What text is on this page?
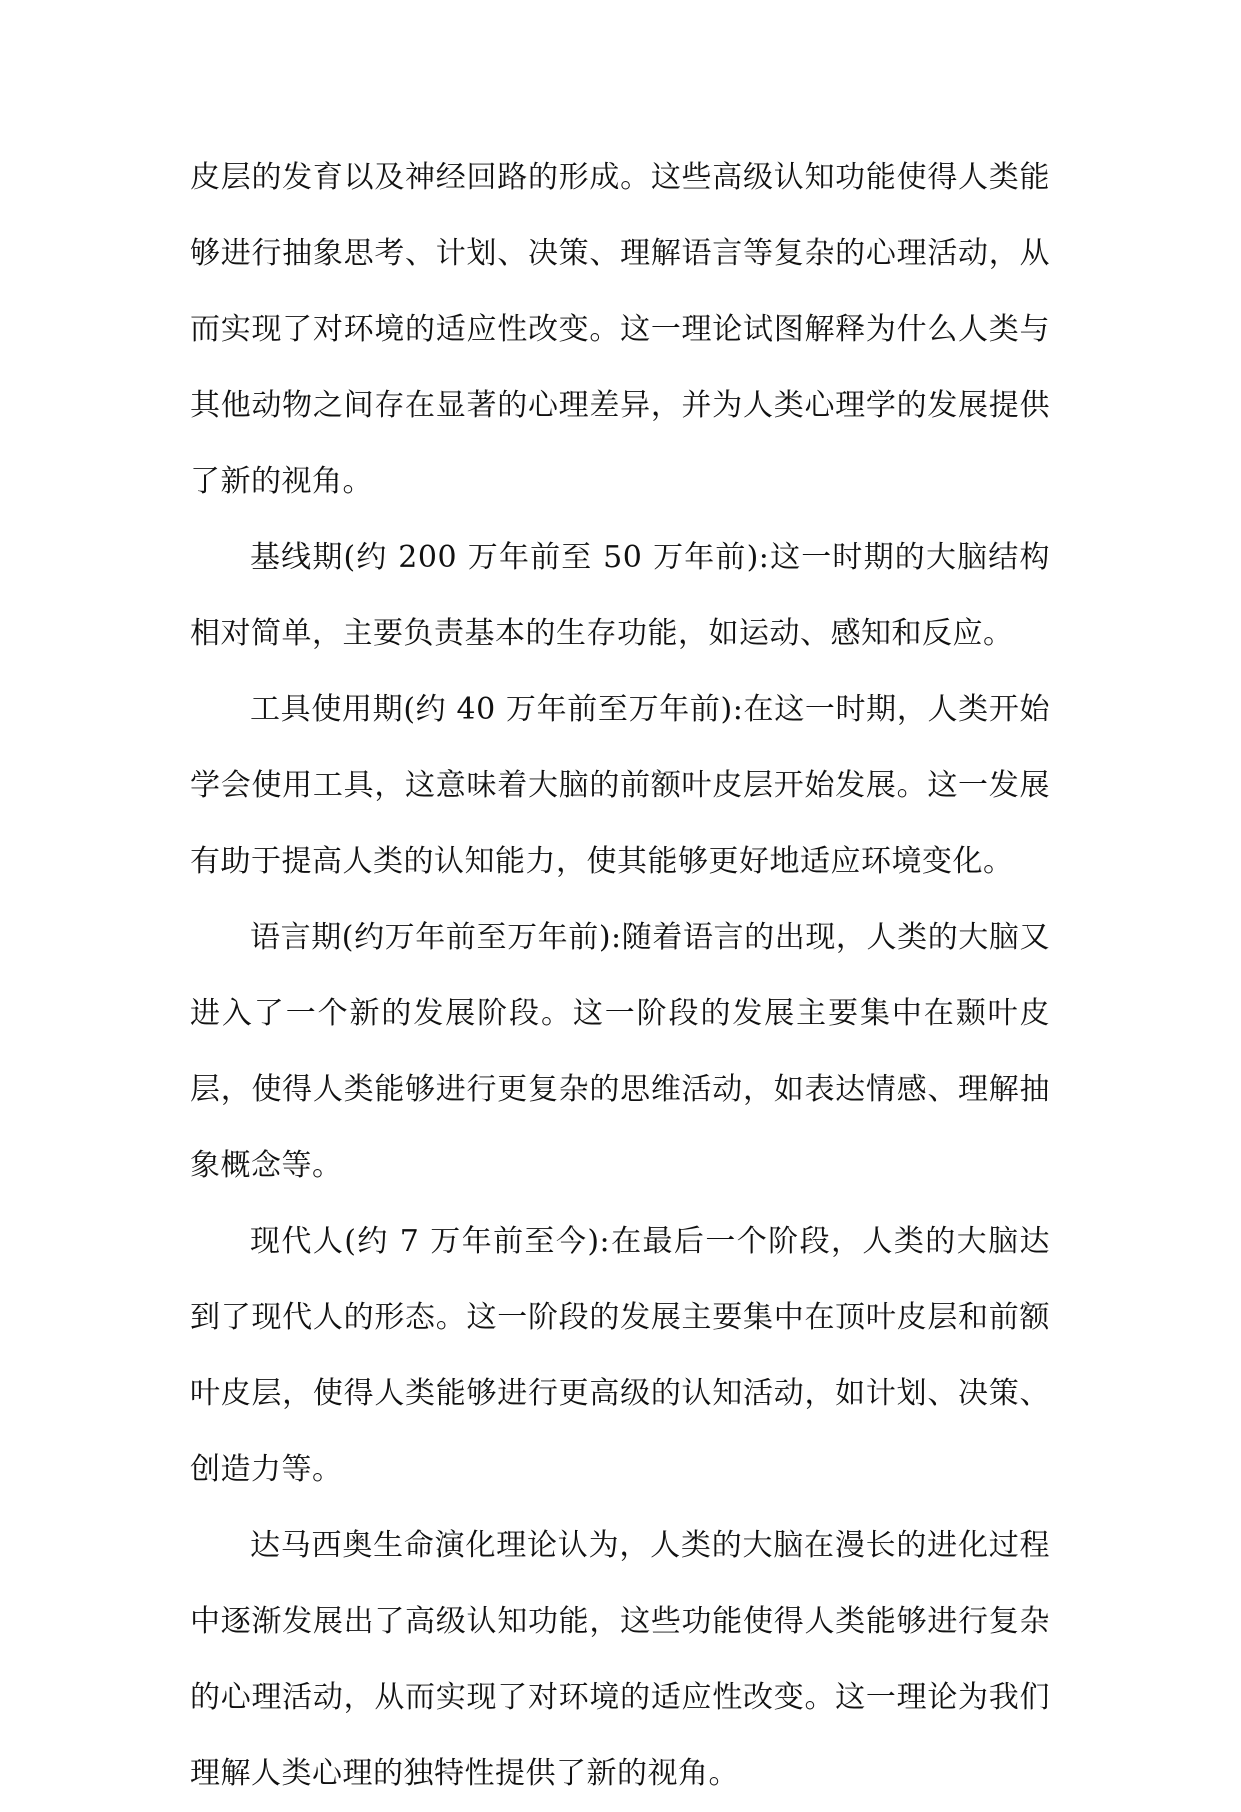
皮层的发育以及神经回路的形成。这些高级认知功能使得人类能够进行抽象思考、计划、决策、理解语言等复杂的心理活动，从而实现了对环境的适应性改变。这一理论试图解释为什么人类与其他动物之间存在显著的心理差异，并为人类心理学的发展提供了新的视角。

基线期(约 200 万年前至 50 万年前):这一时期的大脑结构相对简单，主要负责基本的生存功能，如运动、感知和反应。

工具使用期(约 40 万年前至万年前):在这一时期，人类开始学会使用工具，这意味着大脑的前额叶皮层开始发展。这一发展有助于提高人类的认知能力，使其能够更好地适应环境变化。

语言期(约万年前至万年前):随着语言的出现，人类的大脑又进入了一个新的发展阶段。这一阶段的发展主要集中在颞叶皮层，使得人类能够进行更复杂的思维活动，如表达情感、理解抽象概念等。

现代人(约 7 万年前至今):在最后一个阶段，人类的大脑达到了现代人的形态。这一阶段的发展主要集中在顶叶皮层和前额叶皮层，使得人类能够进行更高级的认知活动，如计划、决策、创造力等。

达马西奥生命演化理论认为，人类的大脑在漫长的进化过程中逐渐发展出了高级认知功能，这些功能使得人类能够进行复杂的心理活动，从而实现了对环境的适应性改变。这一理论为我们理解人类心理的独特性提供了新的视角。
